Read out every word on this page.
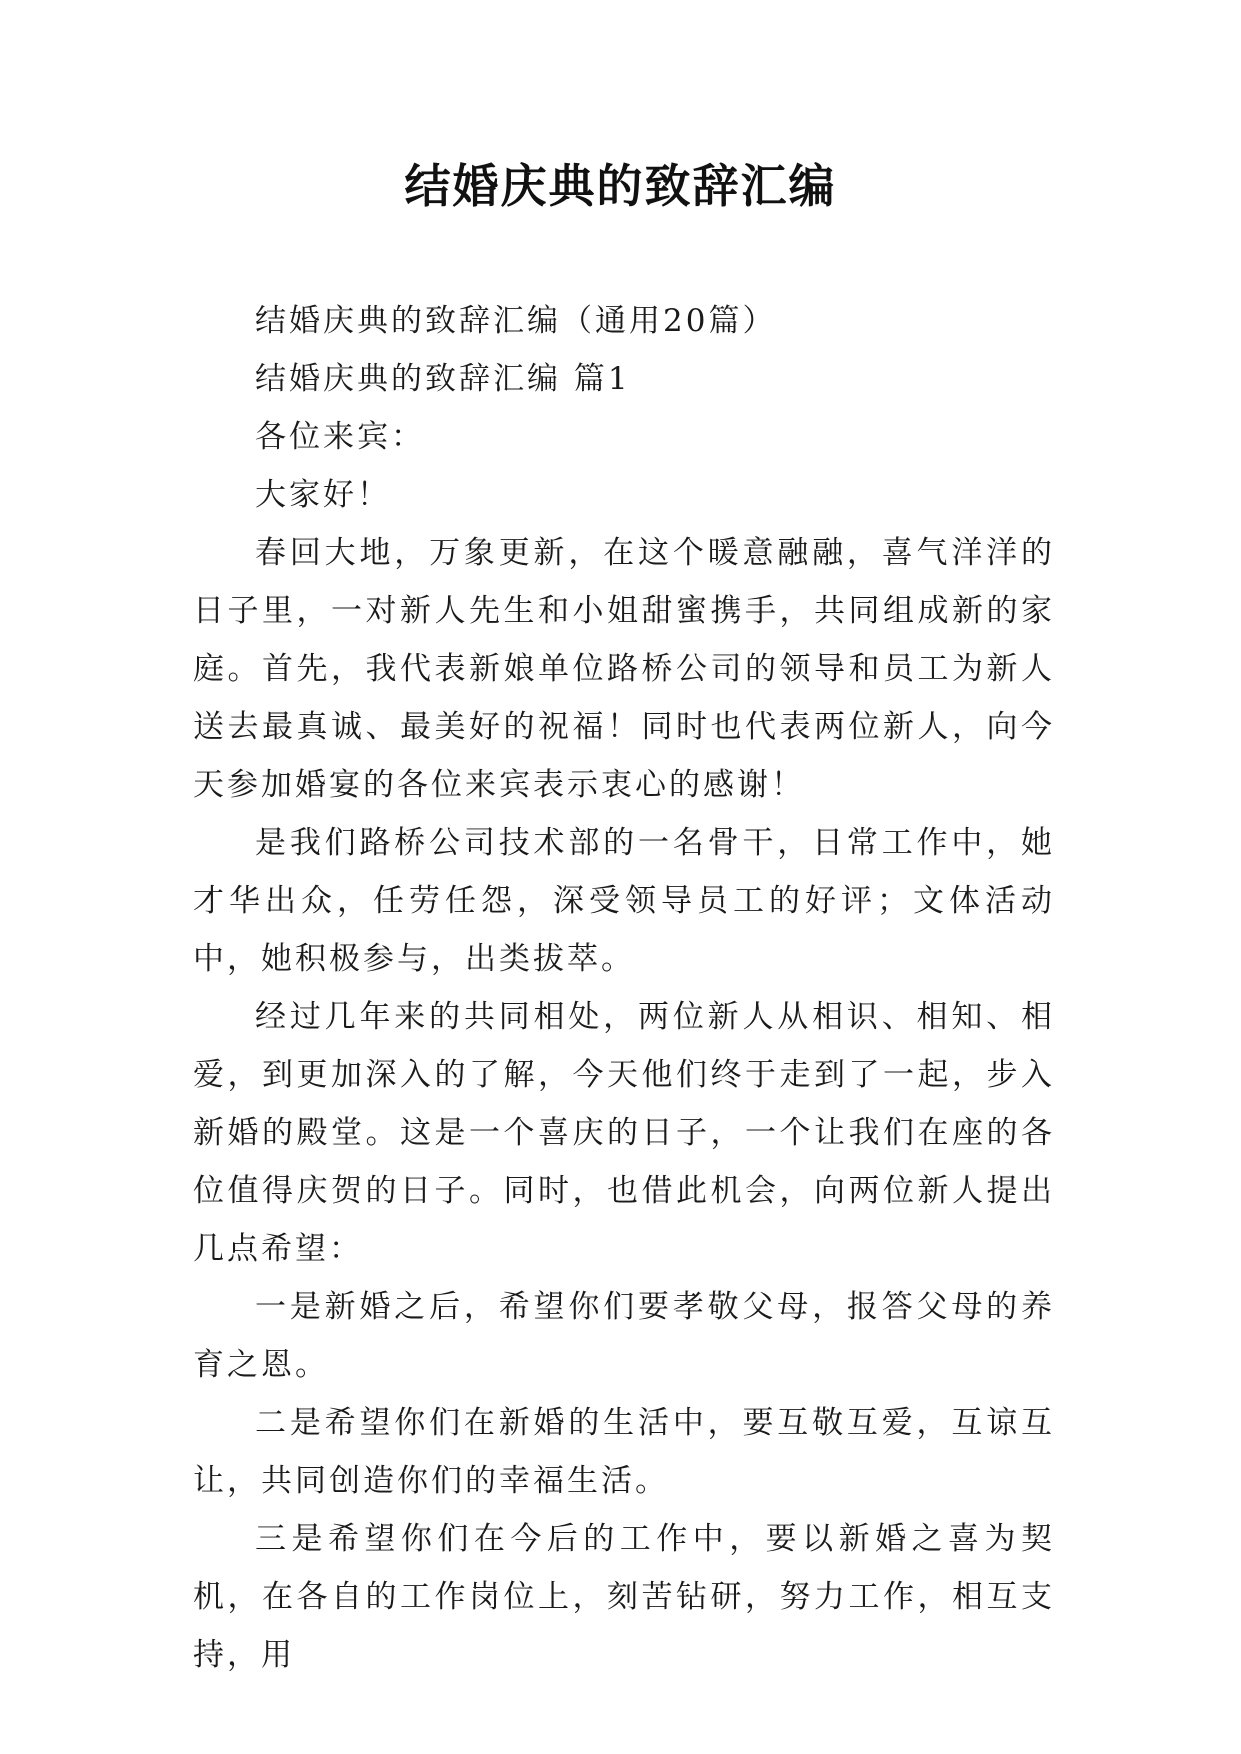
结婚庆典的致辞汇编

结婚庆典的致辞汇编（通用20篇）

结婚庆典的致辞汇编 篇1

各位来宾：

大家好！

春回大地，万象更新，在这个暖意融融，喜气洋洋的日子里，一对新人先生和小姐甜蜜携手，共同组成新的家庭。首先，我代表新娘单位路桥公司的领导和员工为新人送去最真诚、最美好的祝福！同时也代表两位新人，向今天参加婚宴的各位来宾表示衷心的感谢！

是我们路桥公司技术部的一名骨干，日常工作中，她才华出众，任劳任怨，深受领导员工的好评；文体活动中，她积极参与，出类拔萃。

经过几年来的共同相处，两位新人从相识、相知、相爱，到更加深入的了解，今天他们终于走到了一起，步入新婚的殿堂。这是一个喜庆的日子，一个让我们在座的各位值得庆贺的日子。同时，也借此机会，向两位新人提出几点希望：

一是新婚之后，希望你们要孝敬父母，报答父母的养育之恩。

二是希望你们在新婚的生活中，要互敬互爱，互谅互让，共同创造你们的幸福生活。

三是希望你们在今后的工作中，要以新婚之喜为契机，在各自的工作岗位上，刻苦钻研，努力工作，相互支持，用
